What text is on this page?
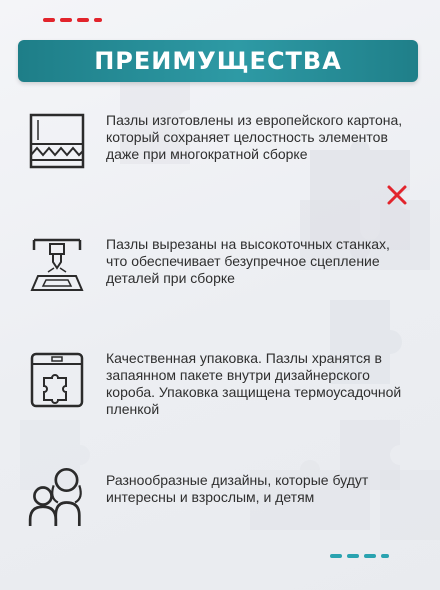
ПРЕИМУЩЕСТВА
Пазлы изготовлены из европейского картона, который сохраняет целостность элементов даже при многократной сборке
Пазлы вырезаны на высокоточных станках, что обеспечивает безупречное сцепление деталей при сборке
Качественная упаковка. Пазлы хранятся в запаянном пакете внутри дизайнерского короба. Упаковка защищена термоусадочной пленкой
Разнообразные дизайны, которые будут интересны и взрослым, и детям
